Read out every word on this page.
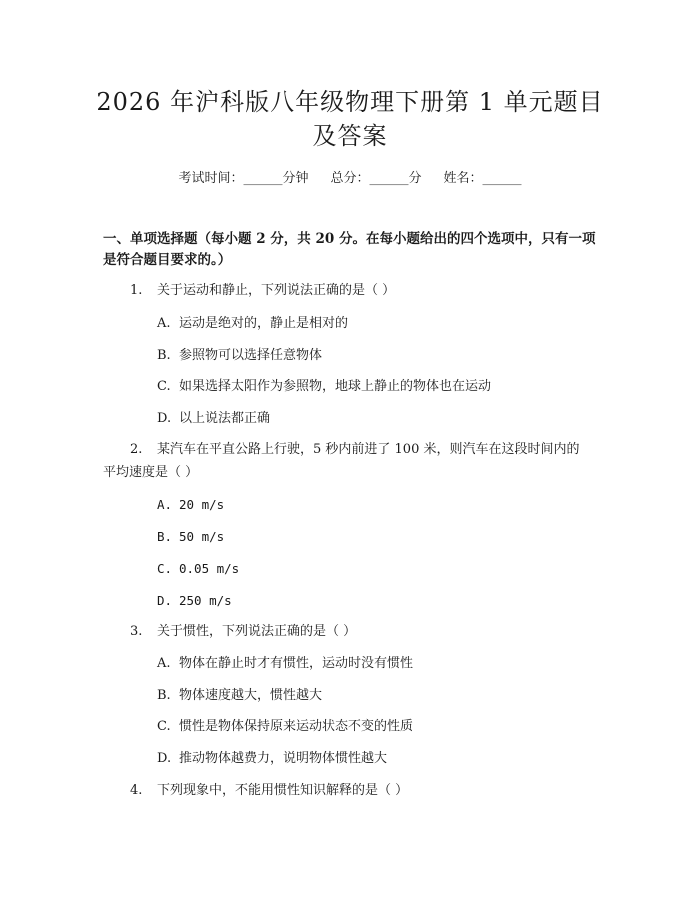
2026 年沪科版八年级物理下册第 1 单元题目
及答案
考试时间：______分钟 总分：______分 姓名：______
一、单项选择题（每小题 2 分，共 20 分。在每小题给出的四个选项中，只有一项是符合题目要求的。）
1. 关于运动和静止，下列说法正确的是（ ）
A. 运动是绝对的，静止是相对的
B. 参照物可以选择任意物体
C. 如果选择太阳作为参照物，地球上静止的物体也在运动
D. 以上说法都正确
2. 某汽车在平直公路上行驶，5 秒内前进了 100 米，则汽车在这段时间内的
平均速度是（ ）
A. 20 m/s
B. 50 m/s
C. 0.05 m/s
D. 250 m/s
3. 关于惯性，下列说法正确的是（ ）
A. 物体在静止时才有惯性，运动时没有惯性
B. 物体速度越大，惯性越大
C. 惯性是物体保持原来运动状态不变的性质
D. 推动物体越费力，说明物体惯性越大
4. 下列现象中，不能用惯性知识解释的是（ ）
